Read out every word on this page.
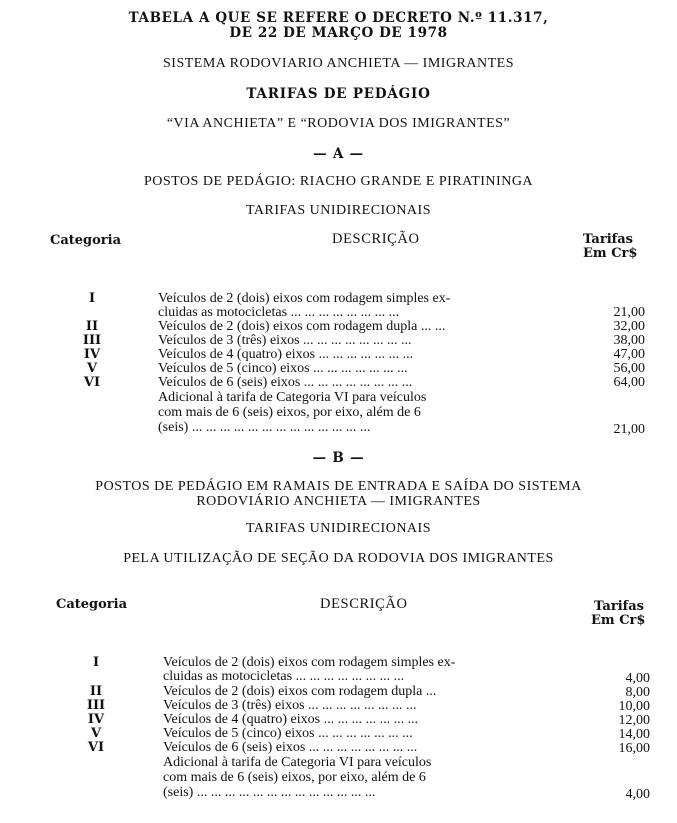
TABELA A QUE SE REFERE O DECRETO N.º 11.317,
DE 22 DE MARÇO DE 1978
SISTEMA RODOVIARIO ANCHIETA — IMIGRANTES
TARIFAS DE PEDÁGIO
“VIA ANCHIETA” E “RODOVIA DOS IMIGRANTES”
— A —
POSTOS DE PEDÁGIO: RIACHO GRANDE E PIRATININGA
TARIFAS UNIDIRECIONAIS
Categoria	DESCRIÇÃO	Tarifas
Em Cr$
I	Veículos de 2 (dois) eixos com rodagem simples ex-
cluidas as motocicletas ... ... ... ... ... ... ... ...	21,00
II	Veículos de 2 (dois) eixos com rodagem dupla ... ...	32,00
III	Veículos de 3 (três) eixos ... ... ... ... ... ... ... ...	38,00
IV	Veículos de 4 (quatro) eixos ... ... ... ... ... ... ...	47,00
V	Veículos de 5 (cinco) eixos ... ... ... ... ... ... ...	56,00
VI	Veículos de 6 (seis) eixos ... ... ... ... ... ... ... ...	64,00
Adicional à tarifa de Categoria VI para veículos
com mais de 6 (seis) eixos, por eixo, além de 6
(seis) ... ... ... ... ... ... ... ... ... ... ... ... ...	21,00
— B —
POSTOS DE PEDÁGIO EM RAMAIS DE ENTRADA E SAÍDA DO SISTEMA
RODOVIÁRIO ANCHIETA — IMIGRANTES
TARIFAS UNIDIRECIONAIS
PELA UTILIZAÇÃO DE SEÇÃO DA RODOVIA DOS IMIGRANTES
Categoria	DESCRIÇÃO	Tarifas
Em Cr$
I	Veículos de 2 (dois) eixos com rodagem simples ex-
cluidas as motocicletas ... ... ... ... ... ... ... ...	4,00
II	Veículos de 2 (dois) eixos com rodagem dupla ...	8,00
III	Veículos de 3 (três) eixos ... ... ... ... ... ... ... ...	10,00
IV	Veículos de 4 (quatro) eixos ... ... ... ... ... ... ...	12,00
V	Veículos de 5 (cinco) eixos ... ... ... ... ... ... ...	14,00
VI	Veículos de 6 (seis) eixos ... ... ... ... ... ... ... ...	16,00
Adicional à tarifa de Categoria VI para veículos
com mais de 6 (seis) eixos, por eixo, além de 6
(seis) ... ... ... ... ... ... ... ... ... ... ... ... ...	4,00
